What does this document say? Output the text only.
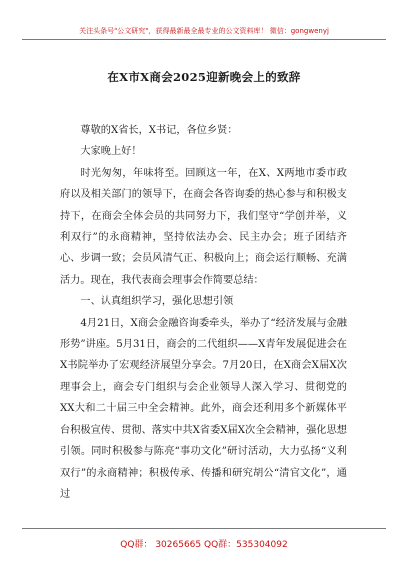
关注头条号"公文研究"，获得最新最全最专业的公文资料库！ 微信：gongwenyj
在X市X商会2025迎新晚会上的致辞

尊敬的X省长，X书记，各位乡贤：

大家晚上好！

时光匆匆，年味将至。回顾这一年，在X、X两地市委市政府以及相关部门的领导下，在商会各咨询委的热心参与和积极支持下，在商会全体会员的共同努力下，我们坚守“学创并举，义利双行”的永商精神，坚持依法办会、民主办会；班子团结齐心、步调一致；会员风清气正、积极向上；商会运行顺畅、充满活力。现在，我代表商会理事会作简要总结：

一、认真组织学习，强化思想引领

4月21日，X商会金融咨询委牵头，举办了“经济发展与金融形势”讲座。5月31日，商会的二代组织——X青年发展促进会在X书院举办了宏观经济展望分享会。7月20日，在X商会X届X次理事会上，商会专门组织与会企业领导人深入学习、贯彻党的XX大和二十届三中全会精神。此外，商会还利用多个新媒体平台积极宣传、贯彻、落实中共X省委X届X次全会精神，强化思想引领。同时积极参与陈亮“事功文化”研讨活动，大力弘扬“义利双行”的永商精神；积极传承、传播和研究胡公“清官文化”，通过

QQ群： 30265665 QQ群：535304092
